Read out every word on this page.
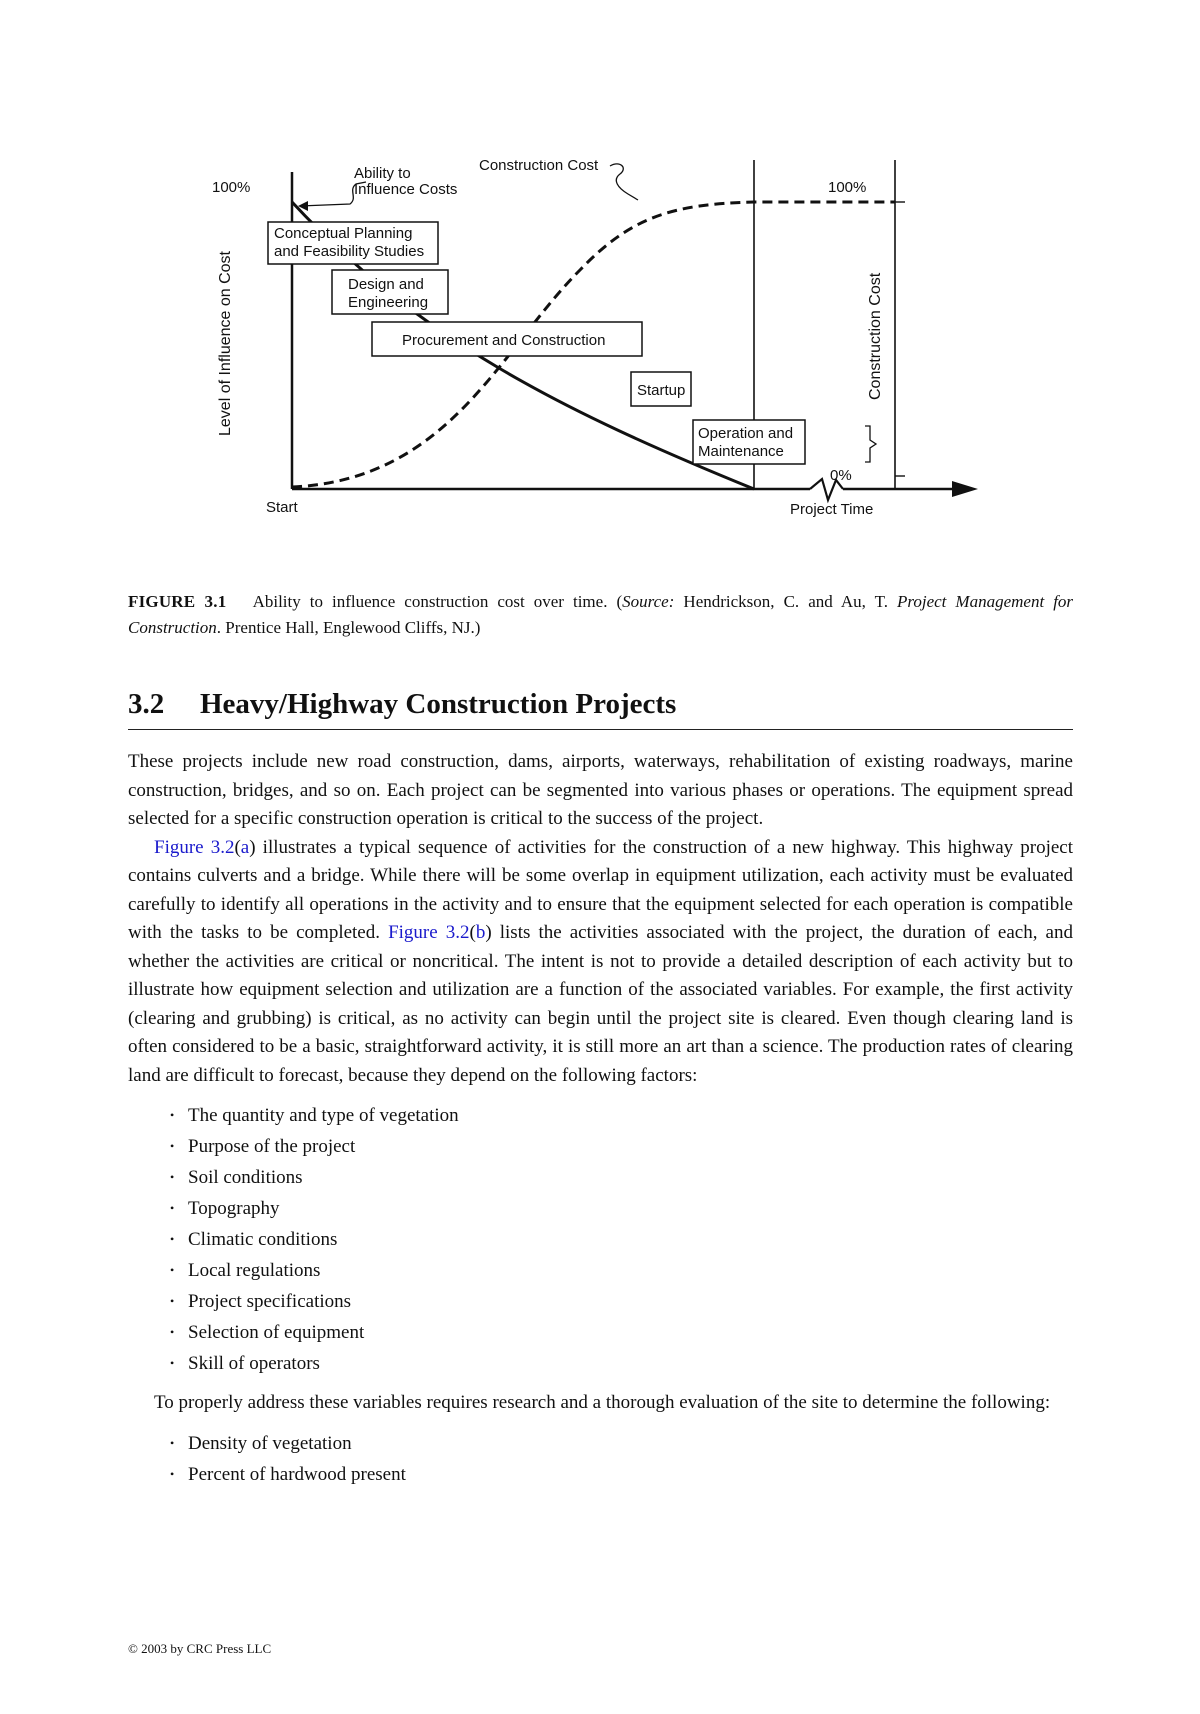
100%	100%
0%
Ability to
Influence Costs
Construction Cost
Conceptual Planning
and Feasibility Studies
Design and
Engineering
Procurement and Construction
Startup
Operation and
Maintenance
Start	Project Time
Level of Influence on Cost	Construction Cost
FIGURE 3.1 Ability to influence construction cost over time. (Source: Hendrickson, C. and Au, T. Project Management for Construction. Prentice Hall, Englewood Cliffs, NJ.)
3.2 Heavy/Highway Construction Projects

These projects include new road construction, dams, airports, waterways, rehabilitation of existing roadways, marine construction, bridges, and so on. Each project can be segmented into various phases or operations. The equipment spread selected for a specific construction operation is critical to the success of the project.

Figure 3.2(a) illustrates a typical sequence of activities for the construction of a new highway. This highway project contains culverts and a bridge. While there will be some overlap in equipment utilization, each activity must be evaluated carefully to identify all operations in the activity and to ensure that the equipment selected for each operation is compatible with the tasks to be completed. Figure 3.2(b) lists the activities associated with the project, the duration of each, and whether the activities are critical or noncritical. The intent is not to provide a detailed description of each activity but to illustrate how equipment selection and utilization are a function of the associated variables. For example, the first activity (clearing and grubbing) is critical, as no activity can begin until the project site is cleared. Even though clearing land is often considered to be a basic, straightforward activity, it is still more an art than a science. The production rates of clearing land are difficult to forecast, because they depend on the following factors:

• The quantity and type of vegetation
• Purpose of the project
• Soil conditions
• Topography
• Climatic conditions
• Local regulations
• Project specifications
• Selection of equipment
• Skill of operators

To properly address these variables requires research and a thorough evaluation of the site to determine the following:

• Density of vegetation
• Percent of hardwood present
© 2003 by CRC Press LLC
